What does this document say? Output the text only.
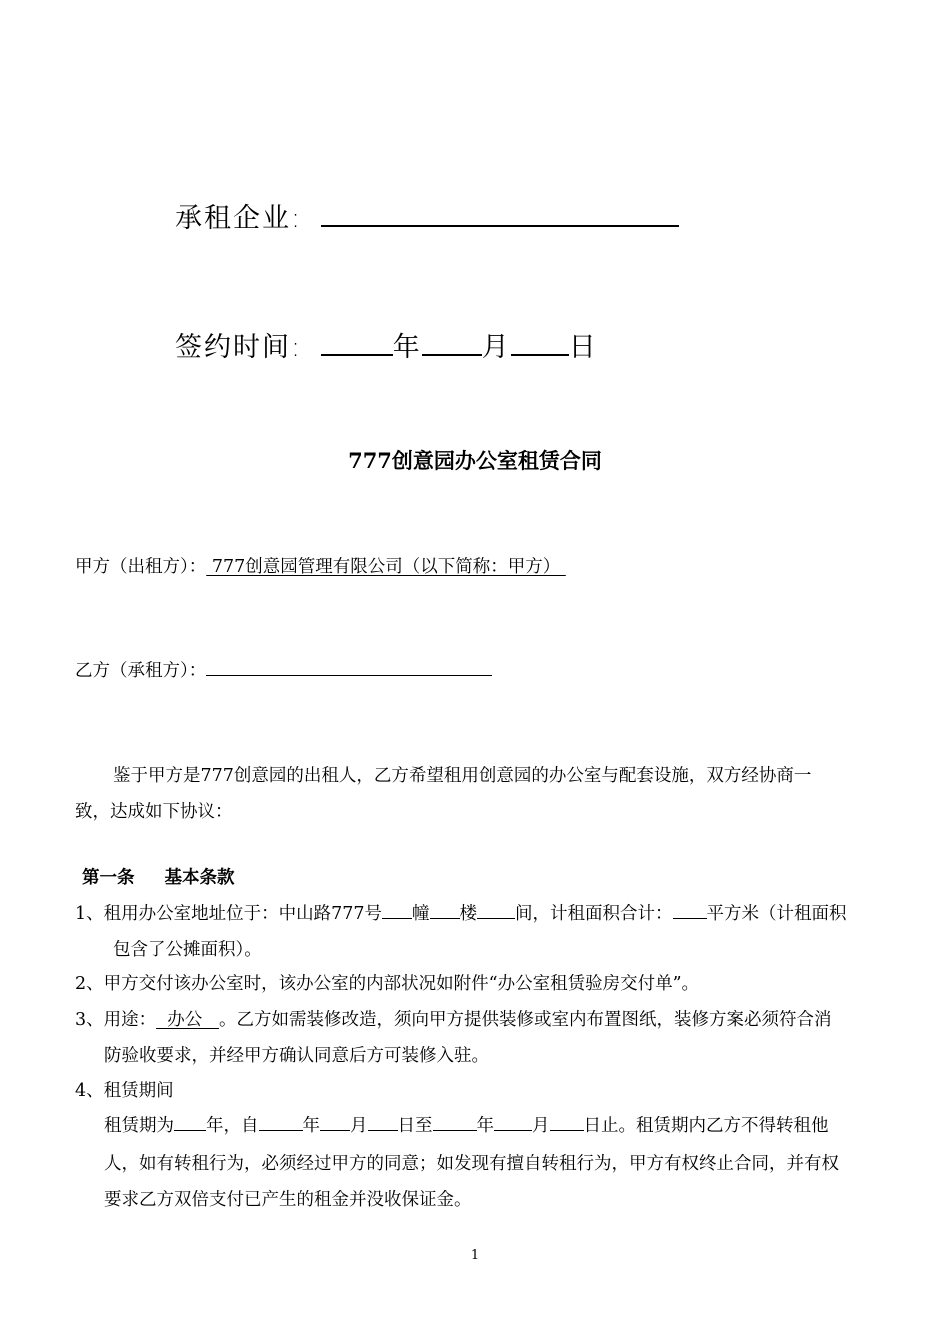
承租企业:
签约时间:	年 月 日
777创意园办公室租赁合同
甲方（出租方）： 777创意园管理有限公司（以下简称：甲方）
乙方（承租方）：
鉴于甲方是777创意园的出租人，乙方希望租用创意园的办公室与配套设施，双方经协商一
致，达成如下协议：
第一条 基本条款
1、租用办公室地址位于：中山路777号 幢 楼 间，计租面积合计： 平方米（计租面积
包含了公摊面积）。
2、甲方交付该办公室时，该办公室的内部状况如附件“办公室租赁验房交付单”。
3、用途：  办公   。乙方如需装修改造，须向甲方提供装修或室内布置图纸，装修方案必须符合消
防验收要求，并经甲方确认同意后方可装修入驻。
4、租赁期间
租赁期为 年，自	年 月 日至	年 月 日止。租赁期内乙方不得转租他
人，如有转租行为，必须经过甲方的同意；如发现有擅自转租行为，甲方有权终止合同，并有权
要求乙方双倍支付已产生的租金并没收保证金。
1
